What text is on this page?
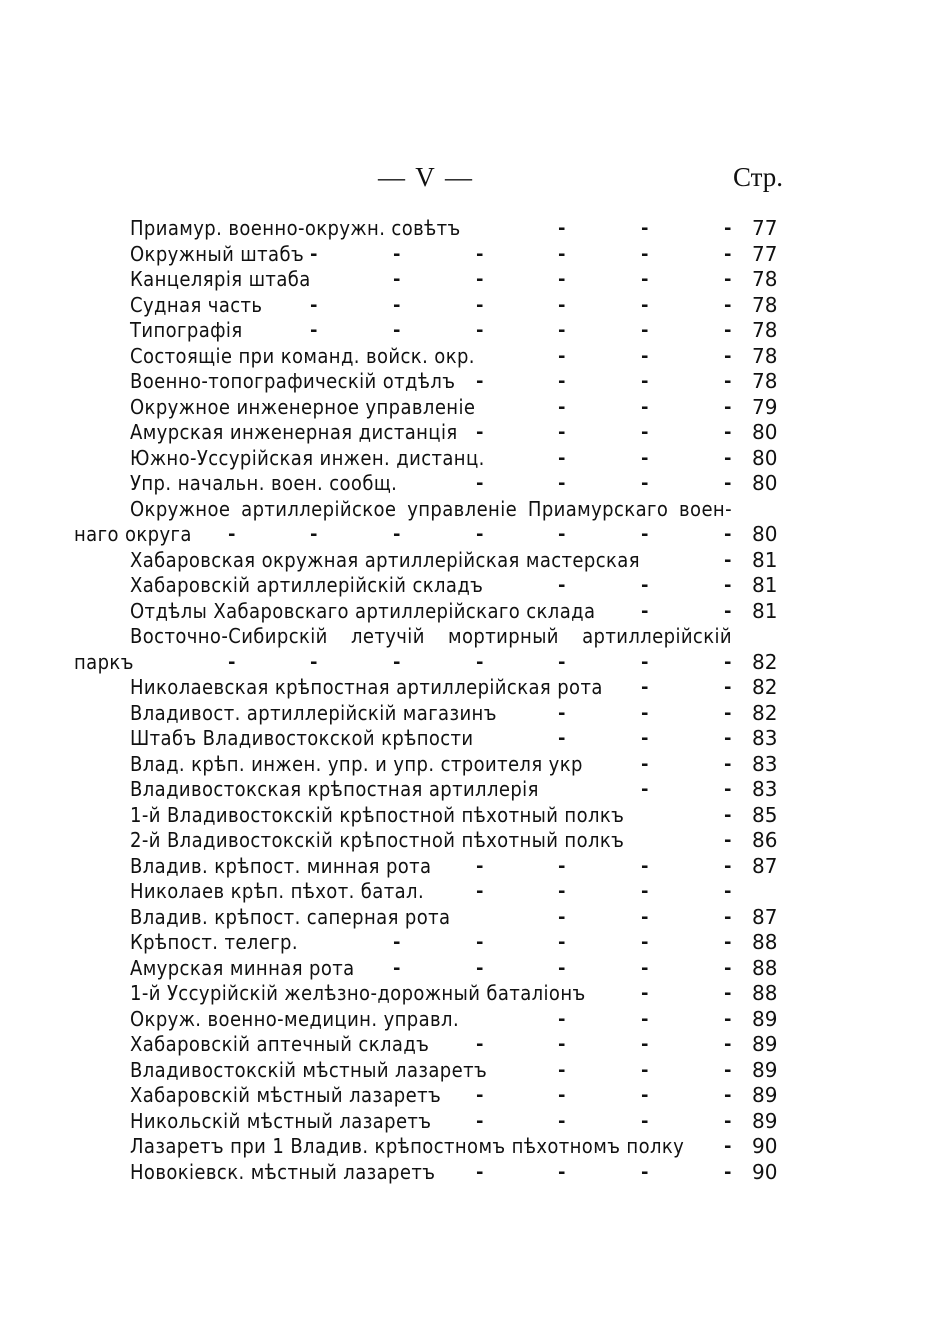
— V —	Стр.
Приамур. военно-окружн. совѣтъ	-	-	- 77
Окружный штабъ -	-	-	-	-	- 77
Канцелярія штаба	-	-	-	-	- 78
Судная часть	-	-	-	-	-	- 78
Типографія	-	-	-	-	-	- 78
Состоящіе при команд. войск. окр.	-	-	- 78
Военно-топографическій отдѣлъ -	-	-	- 78
Окружное инженерное управленіе	-	-	- 79
Амурская инженерная дистанція -	-	-	- 80
Южно-Уссурійская инжен. дистанц.	-	-	- 80
Упр. начальн. воен. сообщ.	-	-	-	- 80
Окружное артиллерійское управленіе Приамурскаго воен-
наго округа -	-	-	-	-	-	- 80
Хабаровская окружная артиллерійская мастерская	- 81
Хабаровскій артиллерійскій складъ	-	-	- 81
Отдѣлы Хабаровскаго артиллерійскаго склада	-	- 81
Восточно-Сибирскій летучій мортирный артиллерійскій
паркъ	-	-	-	-	-	-	- 82
Николаевская крѣпостная артиллерійская рота -	- 82
Владивост. артиллерійскій магазинъ	-	-	- 82
Штабъ Владивостокской крѣпости	-	-	- 83
Влад. крѣп. инжен. упр. и упр. строителя укр	-	- 83
Владивостокская крѣпостная артиллерія	-	- 83
1-й Владивостокскій крѣпостной пѣхотный полкъ	- 85
2-й Владивостокскій крѣпостной пѣхотный полкъ	- 86
Владив. крѣпост. минная рота -	-	-	- 87
Николаев крѣп. пѣхот. батал.	-	-	-	-
Владив. крѣпост. саперная рота	-	-	- 87
Крѣпост. телегр.	-	-	-	-	- 88
Амурская минная рота -	-	-	-	- 88
1-й Уссурійскій желѣзно-дорожный баталіонъ	-	- 88
Окруж. военно-медицин. управл.	-	-	- 89
Хабаровскій аптечный складъ	-	-	-	- 89
Владивостокскій мѣстный лазаретъ	-	-	- 89
Хабаровскій мѣстный лазаретъ -	-	-	- 89
Никольскій мѣстный лазаретъ -	-	-	- 89
Лазаретъ при 1 Владив. крѣпостномъ пѣхотномъ полку - 90
Новокіевск. мѣстный лазаретъ -	-	-	- 90
